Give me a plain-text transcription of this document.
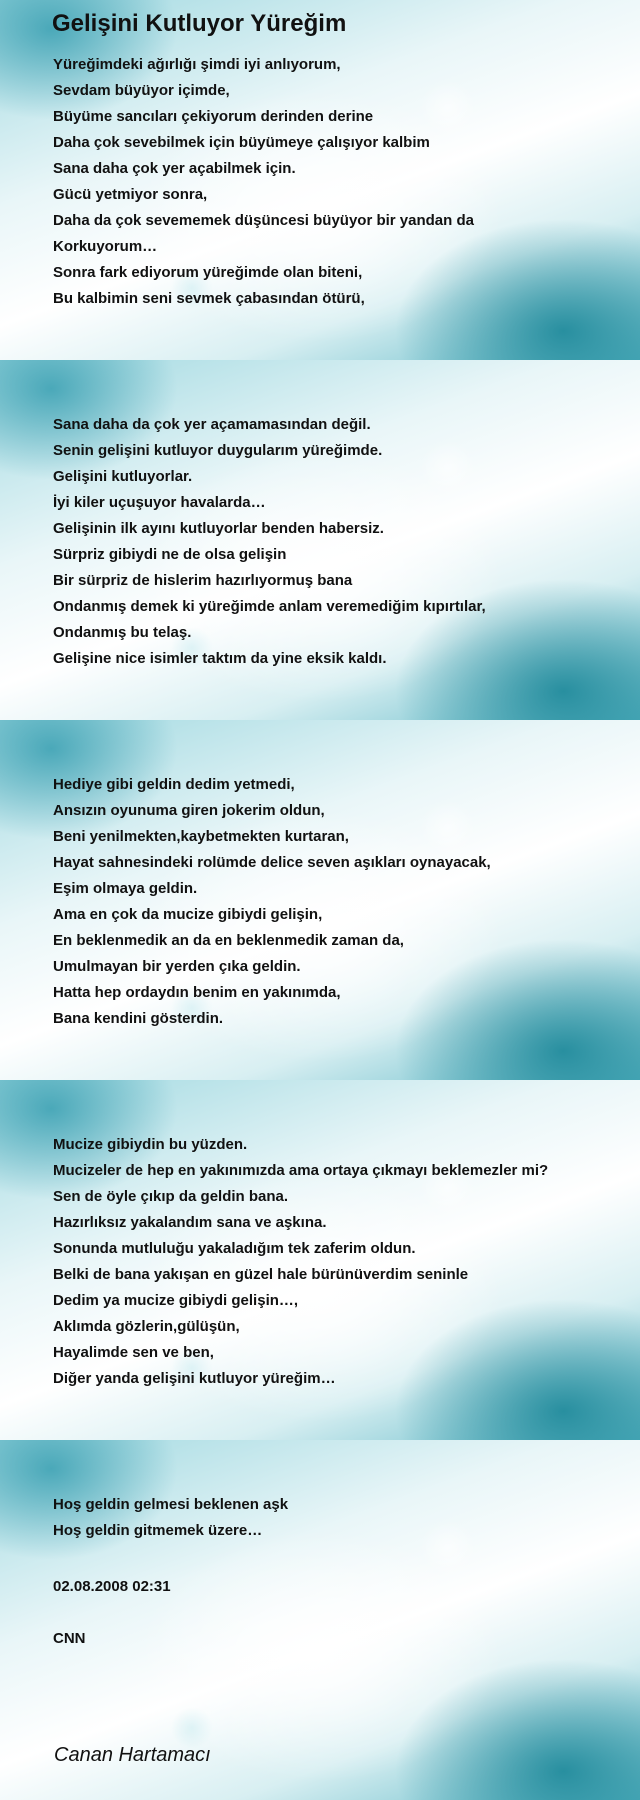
Gelişini Kutluyor Yüreğim
Yüreğimdeki ağırlığı şimdi iyi anlıyorum,
Sevdam büyüyor içimde,
Büyüme sancıları çekiyorum derinden derine
Daha çok sevebilmek için büyümeye çalışıyor kalbim
Sana daha çok yer açabilmek için.
Gücü yetmiyor sonra,
Daha da çok sevememek düşüncesi büyüyor bir yandan da
Korkuyorum…
Sonra fark ediyorum yüreğimde olan biteni,
Bu kalbimin seni sevmek çabasından ötürü,
Sana daha da çok yer açamamasından değil.
Senin gelişini kutluyor duygularım yüreğimde.
Gelişini kutluyorlar.
İyi kiler uçuşuyor havalarda…
Gelişinin ilk ayını kutluyorlar benden habersiz.
Sürpriz gibiydi ne de olsa gelişin
Bir sürpriz de hislerim hazırlıyormuş bana
Ondanmış demek ki yüreğimde anlam veremediğim kıpırtılar,
Ondanmış bu telaş.
Gelişine nice isimler taktım da yine eksik kaldı.
Hediye gibi geldin dedim yetmedi,
Ansızın oyunuma giren jokerim oldun,
Beni yenilmekten,kaybetmekten kurtaran,
Hayat sahnesindeki rolümde delice seven aşıkları oynayacak,
Eşim olmaya geldin.
Ama en çok da mucize gibiydi gelişin,
En beklenmedik an da en beklenmedik zaman da,
Umulmayan bir yerden çıka geldin.
Hatta hep ordaydın benim en yakınımda,
Bana kendini gösterdin.
Mucize gibiydin bu yüzden.
Mucizeler de hep en yakınımızda ama ortaya çıkmayı beklemezler mi?
Sen de öyle çıkıp da geldin bana.
Hazırlıksız yakalandım sana ve aşkına.
Sonunda mutluluğu yakaladığım tek zaferim oldun.
Belki de bana yakışan en güzel hale bürünüverdim seninle
Dedim ya mucize gibiydi gelişin…,
Aklımda gözlerin,gülüşün,
Hayalimde sen ve ben,
Diğer yanda gelişini kutluyor yüreğim…
Hoş geldin gelmesi beklenen aşk
Hoş geldin gitmemek üzere…
02.08.2008 02:31
CNN
Canan Hartamacı
